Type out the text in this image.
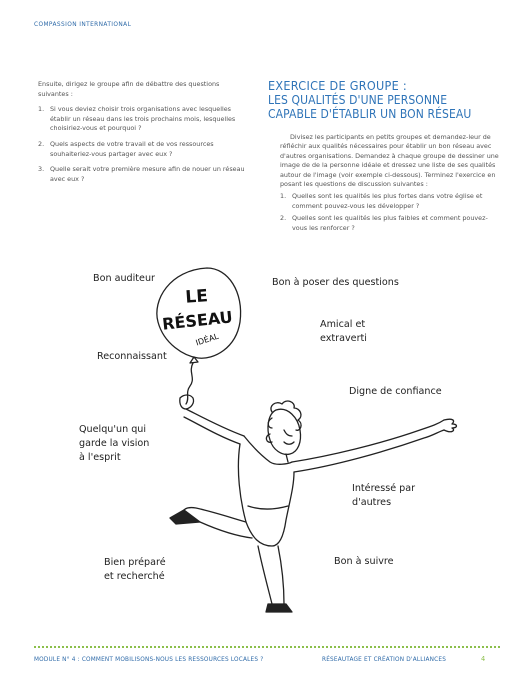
COMPASSION INTERNATIONAL

Ensuite, dirigez le groupe afin de débattre des questions suivantes :

1. Si vous deviez choisir trois organisations avec lesquelles établir un réseau dans les trois prochains mois, lesquelles choisiriez-vous et pourquoi ?
2. Quels aspects de votre travail et de vos ressources souhaiteriez-vous partager avec eux ?
3. Quelle serait votre première mesure afin de nouer un réseau avec eux ?
EXERCICE DE GROUPE :
LES QUALITÉS D'UNE PERSONNE
CAPABLE D'ÉTABLIR UN BON RÉSEAU

Divisez les participants en petits groupes et demandez-leur de réfléchir aux qualités nécessaires pour établir un bon réseau avec d'autres organisations. Demandez à chaque groupe de dessiner une image de de la personne idéale et dressez une liste de ses qualités autour de l'image (voir exemple ci-dessous). Terminez l'exercice en posant les questions de discussion suivantes :

1. Quelles sont les qualités les plus fortes dans votre église et comment pouvez-vous les développer ?
2. Quelles sont les qualités les plus faibles et comment pouvez-vous les renforcer ?
LE
RÉSEAU
IDÉAL
Bon auditeur	Bon à poser des questions
Amical et
extraverti
Reconnaissant
Digne de confiance
Quelqu'un qui
garde la vision
à l'esprit
Intéressé par
d'autres
Bien préparé
et recherché
Bon à suivre
MODULE N° 4 : COMMENT MOBILISONS-NOUS LES RESSOURCES LOCALES ?	RÉSEAUTAGE ET CRÉATION D'ALLIANCES	4
